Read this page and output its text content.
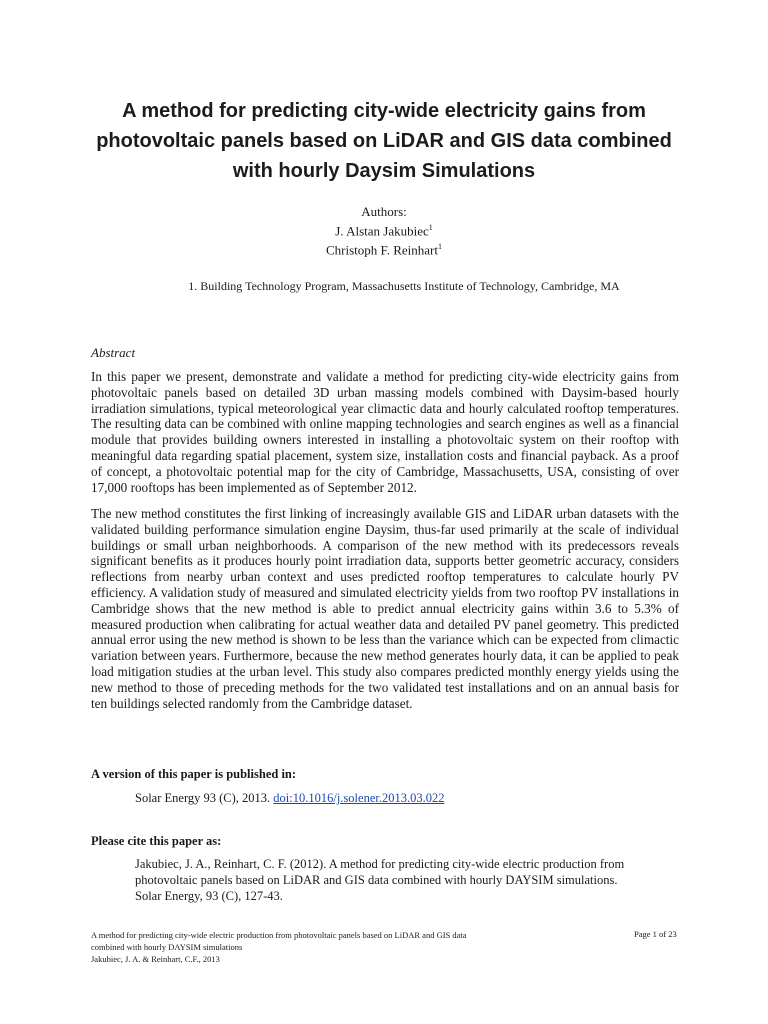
A method for predicting city-wide electricity gains from
photovoltaic panels based on LiDAR and GIS data combined
with hourly Daysim Simulations
Authors:
J. Alstan Jakubiec$^1$
Christoph F. Reinhart$^1$
1. Building Technology Program, Massachusetts Institute of Technology, Cambridge, MA
Abstract

In this paper we present, demonstrate and validate a method for predicting city-wide electricity gains from photovoltaic panels based on detailed 3D urban massing models combined with Daysim-based hourly irradiation simulations, typical meteorological year climactic data and hourly calculated rooftop temperatures. The resulting data can be combined with online mapping technologies and search engines as well as a financial module that provides building owners interested in installing a photovoltaic system on their rooftop with meaningful data regarding spatial placement, system size, installation costs and financial payback. As a proof of concept, a photovoltaic potential map for the city of Cambridge, Massachusetts, USA, consisting of over 17,000 rooftops has been implemented as of September 2012.

The new method constitutes the first linking of increasingly available GIS and LiDAR urban datasets with the validated building performance simulation engine Daysim, thus-far used primarily at the scale of individual buildings or small urban neighborhoods. A comparison of the new method with its predecessors reveals significant benefits as it produces hourly point irradiation data, supports better geometric accuracy, considers reflections from nearby urban context and uses predicted rooftop temperatures to calculate hourly PV efficiency. A validation study of measured and simulated electricity yields from two rooftop PV installations in Cambridge shows that the new method is able to predict annual electricity gains within 3.6 to 5.3% of measured production when calibrating for actual weather data and detailed PV panel geometry. This predicted annual error using the new method is shown to be less than the variance which can be expected from climactic variation between years. Furthermore, because the new method generates hourly data, it can be applied to peak load mitigation studies at the urban level. This study also compares predicted monthly energy yields using the new method to those of preceding methods for the two validated test installations and on an annual basis for ten buildings selected randomly from the Cambridge dataset.

A version of this paper is published in:
Solar Energy 93 (C), 2013. doi:10.1016/j.solener.2013.03.022
Please cite this paper as:
Jakubiec, J. A., Reinhart, C. F. (2012). A method for predicting city-wide electric production from photovoltaic panels based on LiDAR and GIS data combined with hourly DAYSIM simulations. Solar Energy, 93 (C), 127-43.
A method for predicting city-wide electric production from photovoltaic panels based on LiDAR and GIS data
combined with hourly DAYSIM simulations
Jakubiec, J. A. & Reinhart, C.F., 2013
Page 1 of 23
